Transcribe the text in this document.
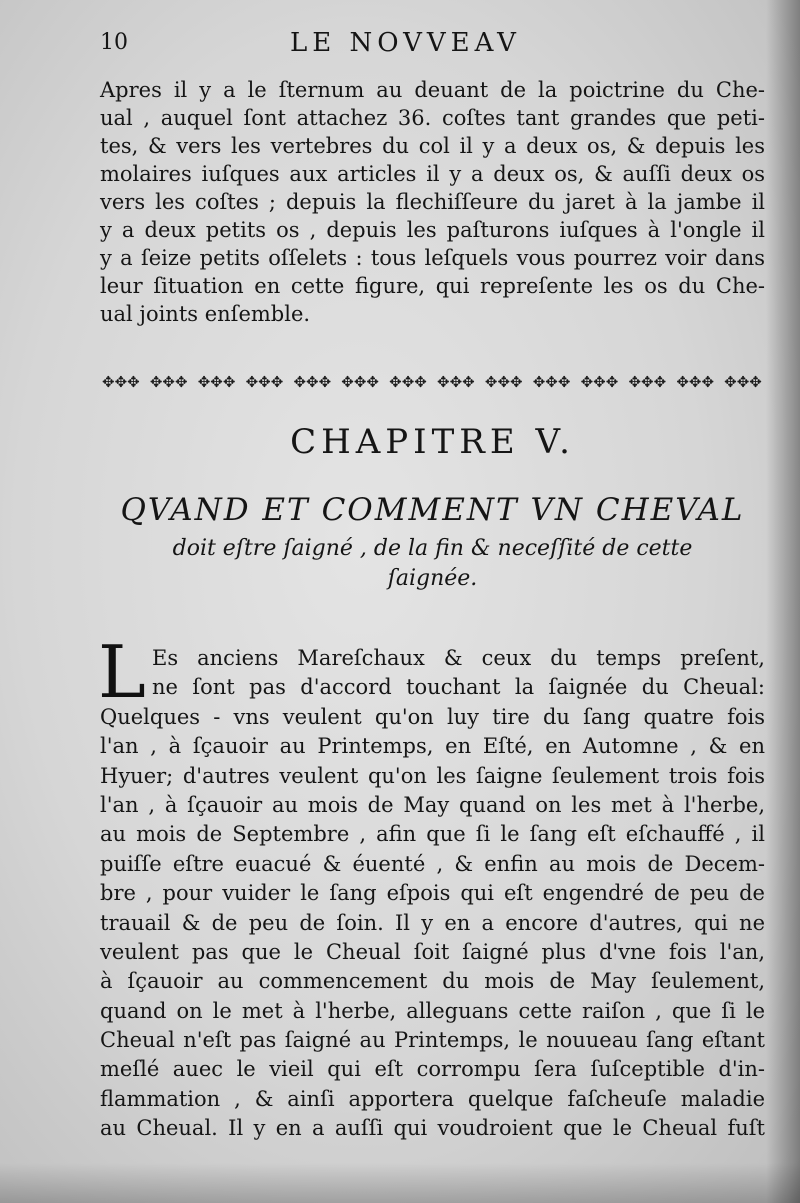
10	LE NOVVEAV
Apres il y a le ſternum au deuant de la poictrine du Che-
ual , auquel ſont attachez 36. coſtes tant grandes que peti-
tes, & vers les vertebres du col il y a deux os, & depuis les
molaires iuſques aux articles il y a deux os, & auſſi deux os
vers les coſtes ; depuis la flechiſſeure du jaret à la jambe il
y a deux petits os , depuis les paſturons iuſques à l'ongle il
y a ſeize petits oſſelets : tous leſquels vous pourrez voir dans
leur ſituation en cette figure, qui repreſente les os du Che-
ual joints enſemble.
✥✥✥ ✥✥✥ ✥✥✥ ✥✥✥ ✥✥✥ ✥✥✥ ✥✥✥ ✥✥✥ ✥✥✥ ✥✥✥ ✥✥✥ ✥✥✥ ✥✥✥ ✥✥✥
CHAPITRE V.
QVAND ET COMMENT VN CHEVAL
doit eſtre ſaigné , de la fin & neceſſité de cette
ſaignée.
L Es anciens Mareſchaux & ceux du temps preſent,
ne ſont pas d'accord touchant la ſaignée du Cheual:
Quelques - vns veulent qu'on luy tire du ſang quatre fois
l'an , à ſçauoir au Printemps, en Eſté, en Automne , & en
Hyuer; d'autres veulent qu'on les ſaigne ſeulement trois fois
l'an , à ſçauoir au mois de May quand on les met à l'herbe,
au mois de Septembre , afin que ſi le ſang eſt eſchauffé , il
puiſſe eſtre euacué & éuenté , & enfin au mois de Decem-
bre , pour vuider le ſang eſpois qui eſt engendré de peu de
trauail & de peu de ſoin. Il y en a encore d'autres, qui ne
veulent pas que le Cheual ſoit ſaigné plus d'vne fois l'an,
à ſçauoir au commencement du mois de May ſeulement,
quand on le met à l'herbe, alleguans cette raiſon , que ſi le
Cheual n'eſt pas ſaigné au Printemps, le nouueau ſang eſtant
meſlé auec le vieil qui eſt corrompu ſera ſuſceptible d'in-
flammation , & ainſi apportera quelque faſcheuſe maladie
au Cheual. Il y en a auſſi qui voudroient que le Cheual fuſt
